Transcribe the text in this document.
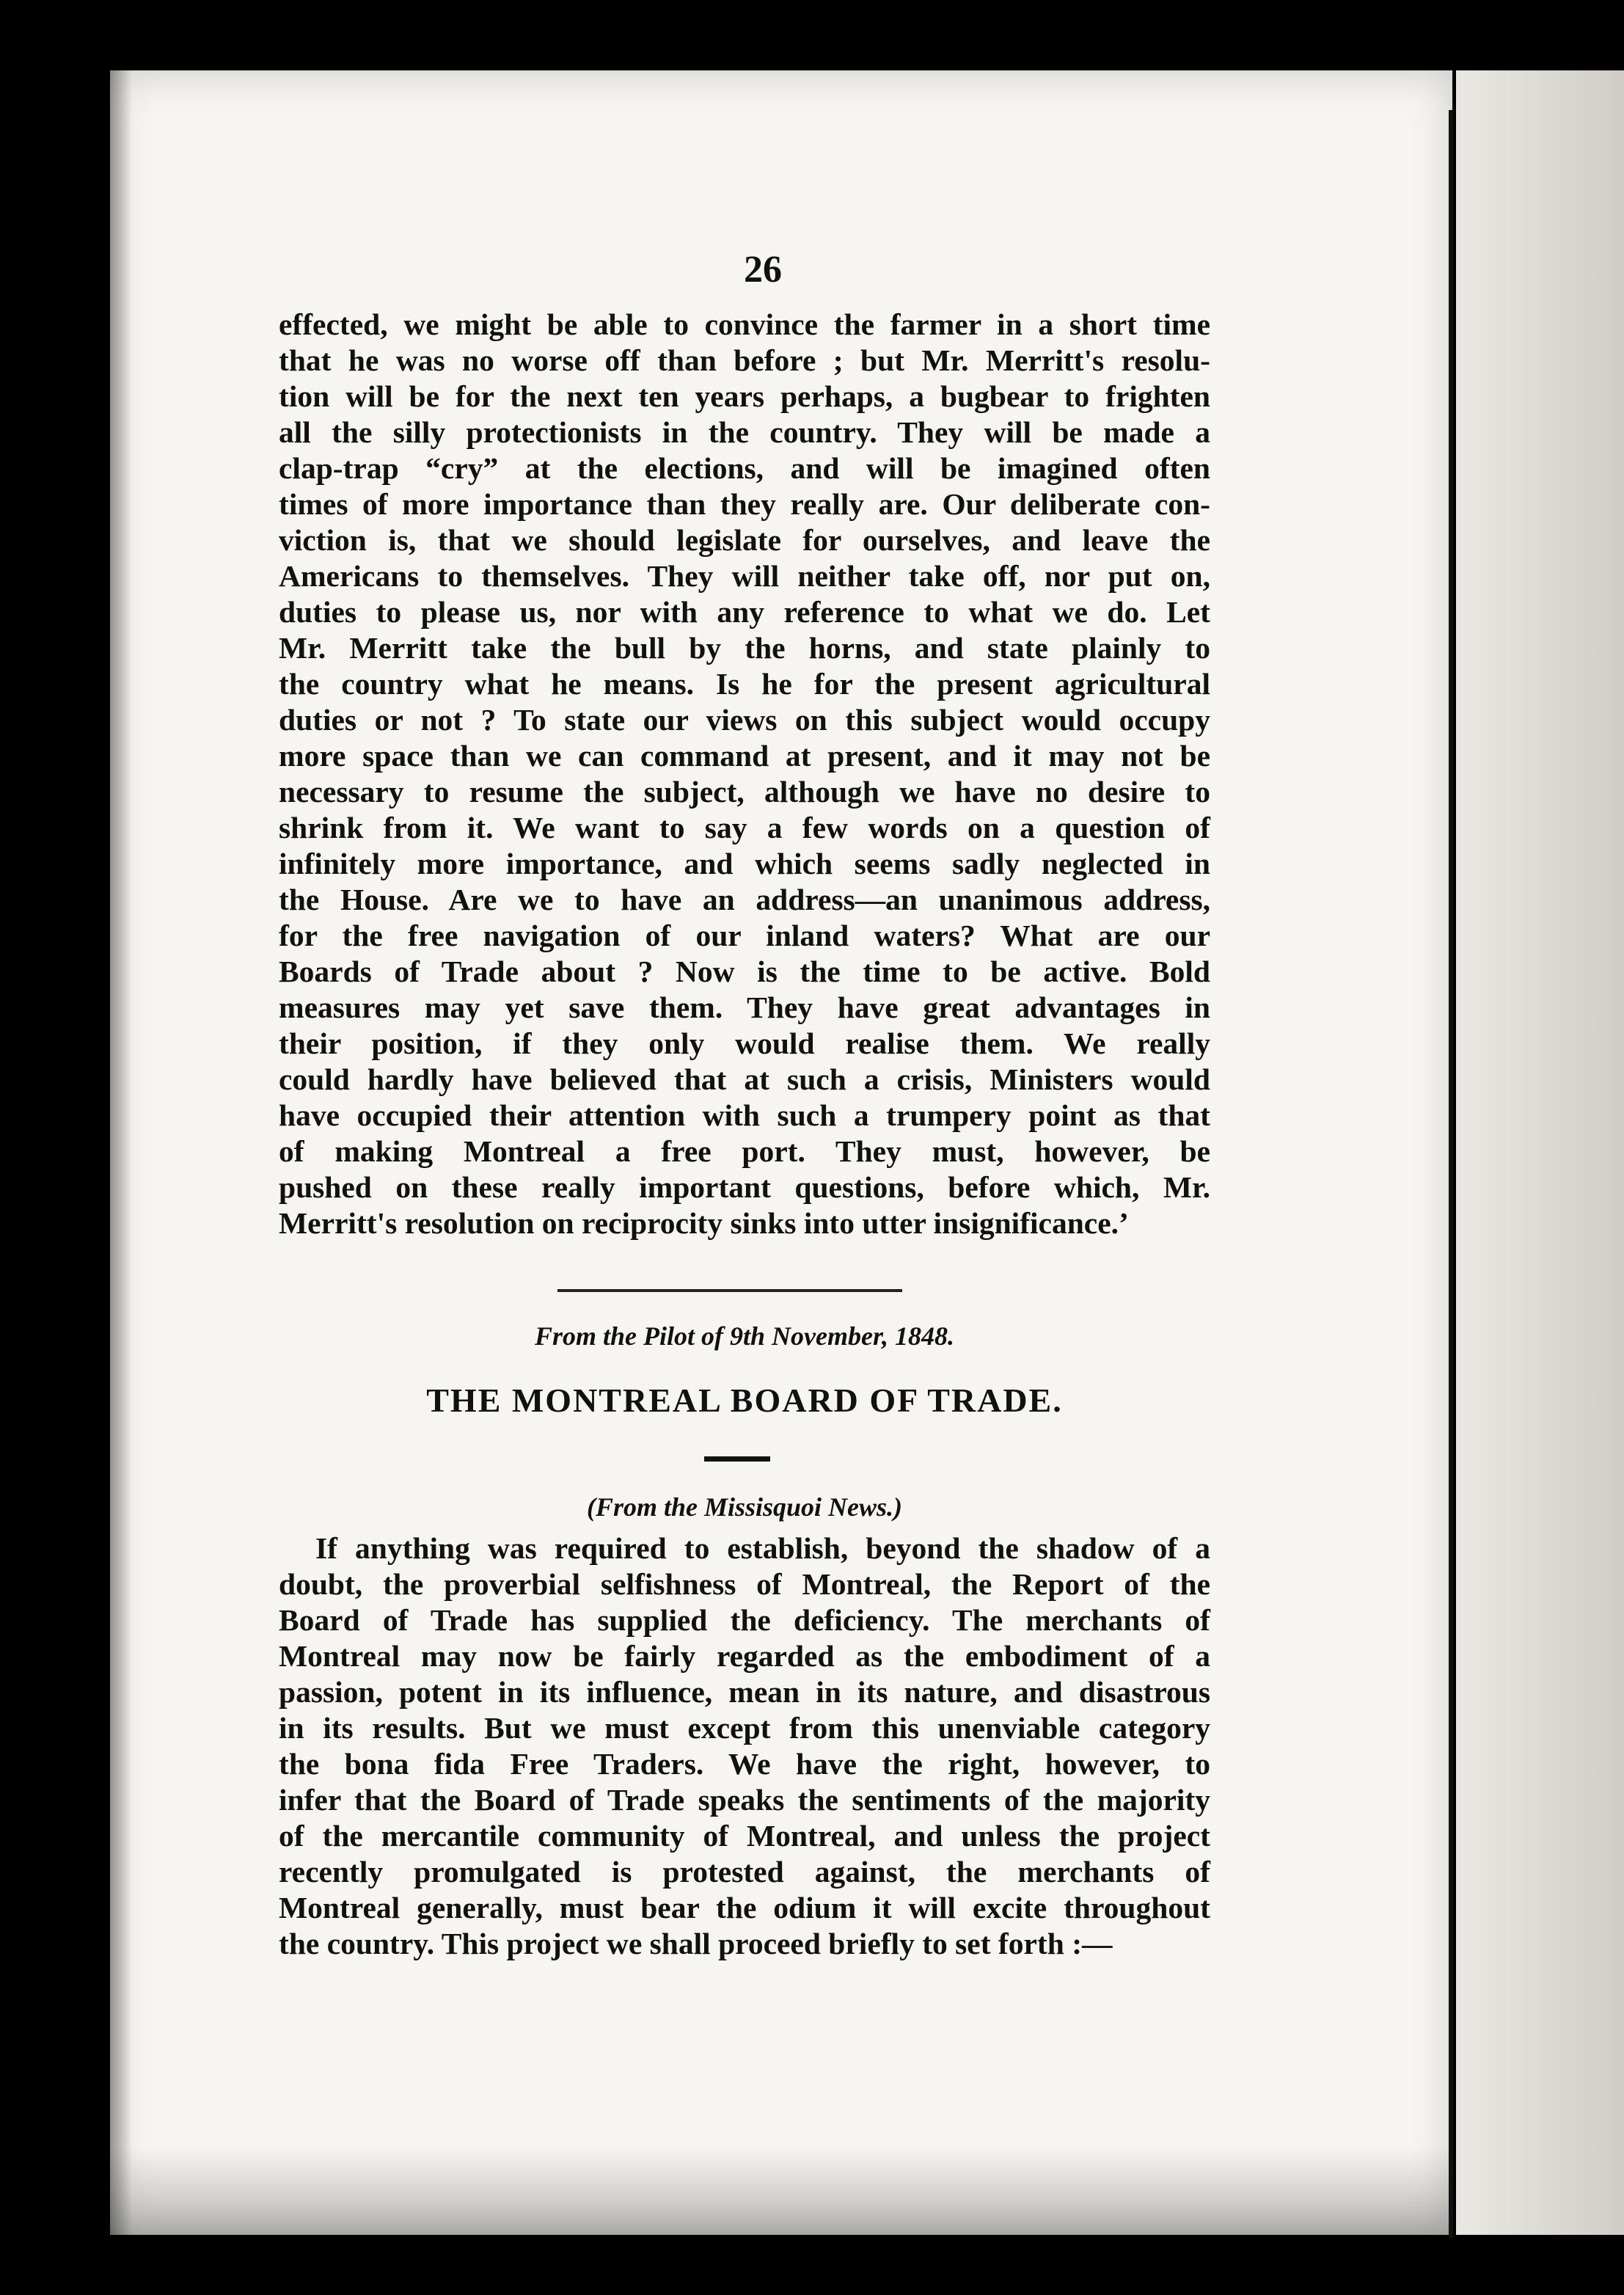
26
effected, we might be able to convince the farmer in a short time
that he was no worse off than before ; but Mr. Merritt's resolu-
tion will be for the next ten years perhaps, a bugbear to frighten
all the silly protectionists in the country. They will be made a
clap-trap “cry” at the elections, and will be imagined often
times of more importance than they really are. Our deliberate con-
viction is, that we should legislate for ourselves, and leave the
Americans to themselves. They will neither take off, nor put on,
duties to please us, nor with any reference to what we do. Let
Mr. Merritt take the bull by the horns, and state plainly to
the country what he means. Is he for the present agricultural
duties or not ? To state our views on this subject would occupy
more space than we can command at present, and it may not be
necessary to resume the subject, although we have no desire to
shrink from it. We want to say a few words on a question of
infinitely more importance, and which seems sadly neglected in
the House. Are we to have an address—an unanimous address,
for the free navigation of our inland waters? What are our
Boards of Trade about ? Now is the time to be active. Bold
measures may yet save them. They have great advantages in
their position, if they only would realise them. We really
could hardly have believed that at such a crisis, Ministers would
have occupied their attention with such a trumpery point as that
of making Montreal a free port. They must, however, be
pushed on these really important questions, before which, Mr.
Merritt's resolution on reciprocity sinks into utter insignificance.’
From the Pilot of 9th November, 1848.
THE MONTREAL BOARD OF TRADE.
(From the Missisquoi News.)
If anything was required to establish, beyond the shadow of a
doubt, the proverbial selfishness of Montreal, the Report of the
Board of Trade has supplied the deficiency. The merchants of
Montreal may now be fairly regarded as the embodiment of a
passion, potent in its influence, mean in its nature, and disastrous
in its results. But we must except from this unenviable category
the bona fida Free Traders. We have the right, however, to
infer that the Board of Trade speaks the sentiments of the majority
of the mercantile community of Montreal, and unless the project
recently promulgated is protested against, the merchants of
Montreal generally, must bear the odium it will excite throughout
the country. This project we shall proceed briefly to set forth :—
